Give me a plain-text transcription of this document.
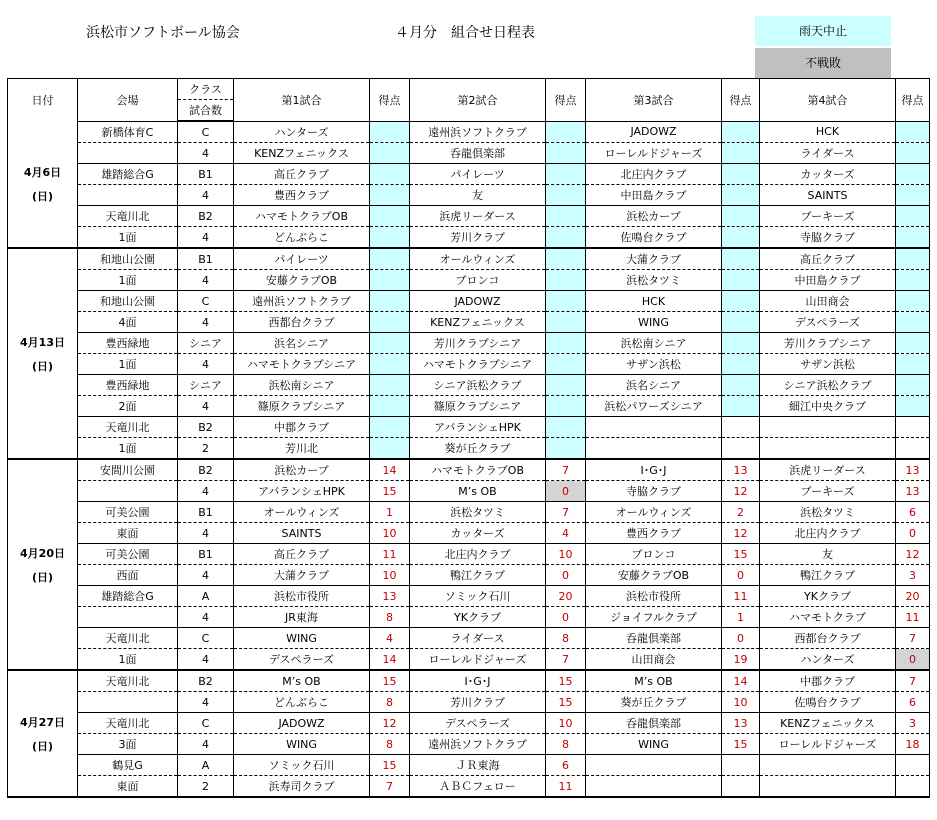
浜松市ソフトボール協会	４月分　組合せ日程表	雨天中止
不戦敗
日付	会場	クラス	第1試合	得点	第2試合	得点	第3試合	得点	第4試合	得点
		試合数								

4月6日
(日)	新橋体育C	C	ハンターズ		遠州浜ソフトクラブ		JADOWZ		HCK	
		4	KENZフェニックス		呑龍倶楽部		ローレルドジャーズ		ライダース	
	雄踏総合G	B1	高丘クラブ		パイレーツ		北庄内クラブ		カッターズ	
		4	豊西クラブ		友		中田島クラブ		SAINTS	
	天竜川北	B2	ハマモトクラブOB		浜虎リーダース		浜松カーブ		ブーキーズ	
	1面	4	どんぶらこ		芳川クラブ		佐鳴台クラブ		寺脇クラブ	

4月13日
(日)	和地山公園	B1	パイレーツ		オールウィンズ		大蒲クラブ		高丘クラブ	
	1面	4	安藤クラブOB		ブロンコ		浜松タツミ		中田島クラブ	
	和地山公園	C	遠州浜ソフトクラブ		JADOWZ		HCK		山田商会	
	4面	4	西都台クラブ		KENZフェニックス		WING		デスペラーズ	
	豊西緑地	シニア	浜名シニア		芳川クラブシニア		浜松南シニア		芳川クラブシニア	
	1面	4	ハマモトクラブシニア		ハマモトクラブシニア		サザン浜松		サザン浜松	
	豊西緑地	シニア	浜松南シニア		シニア浜松クラブ		浜名シニア		シニア浜松クラブ	
	2面	4	篠原クラブシニア		篠原クラブシニア		浜松パワーズシニア		細江中央クラブ	
	天竜川北	B2	中郡クラブ		アバランシェHPK					
	1面	2	芳川北		葵が丘クラブ					

4月20日
(日)	安間川公園	B2	浜松カーブ	14	ハマモトクラブOB	7	I･G･J	13	浜虎リーダース	13
		4	アバランシェHPK	15	M’s OB	0	寺脇クラブ	12	ブーキーズ	13
	可美公園	B1	オールウィンズ	1	浜松タツミ	7	オールウィンズ	2	浜松タツミ	6
	東面	4	SAINTS	10	カッターズ	4	豊西クラブ	12	北庄内クラブ	0
	可美公園	B1	高丘クラブ	11	北庄内クラブ	10	ブロンコ	15	友	12
	西面	4	大蒲クラブ	10	鴨江クラブ	0	安藤クラブOB	0	鴨江クラブ	3
	雄踏総合G	A	浜松市役所	13	ソミック石川	20	浜松市役所	11	YKクラブ	20
		4	JR東海	8	YKクラブ	0	ジョイフルクラブ	1	ハマモトクラブ	11
	天竜川北	C	WING	4	ライダース	8	呑龍倶楽部	0	西都台クラブ	7
	1面	4	デスペラーズ	14	ローレルドジャーズ	7	山田商会	19	ハンターズ	0

4月27日
(日)	天竜川北	B2	M’s OB	15	I･G･J	15	M’s OB	14	中郡クラブ	7
		4	どんぶらこ	8	芳川クラブ	15	葵が丘クラブ	10	佐鳴台クラブ	6
	天竜川北	C	JADOWZ	12	デスペラーズ	10	呑龍倶楽部	13	KENZフェニックス	3
	3面	4	WING	8	遠州浜ソフトクラブ	8	WING	15	ローレルドジャーズ	18
	鶴見G	A	ソミック石川	15	ＪＲ東海	6				
	東面	2	浜寿司クラブ	7	ＡＢＣフェロー	11				
